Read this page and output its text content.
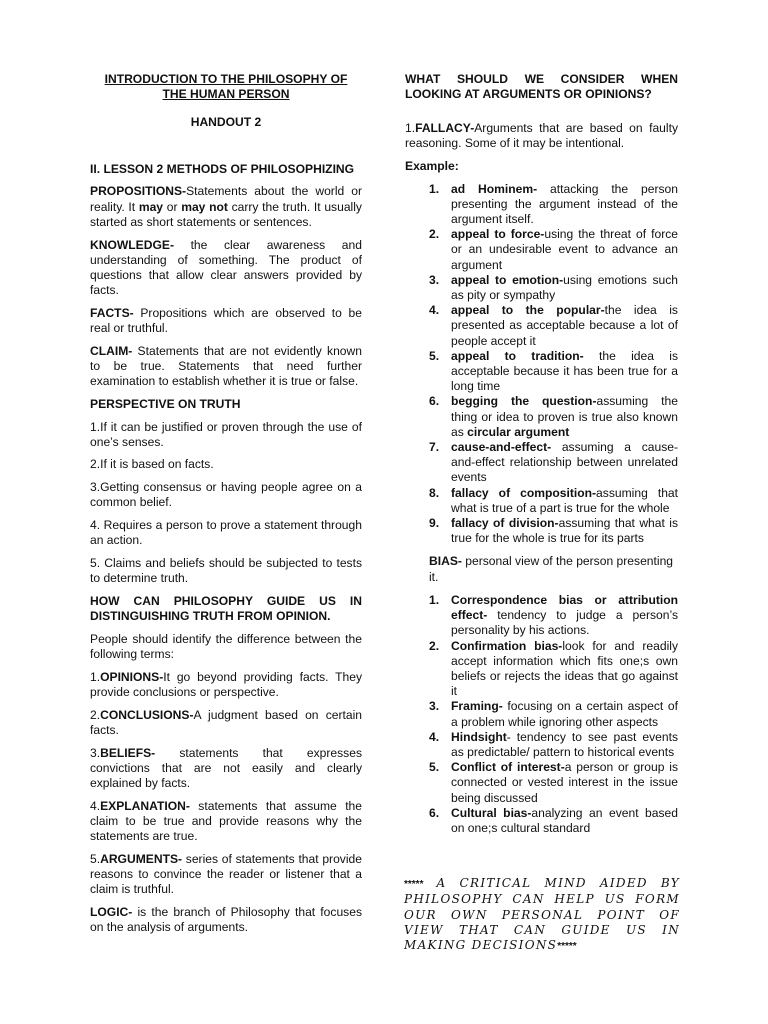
INTRODUCTION TO THE PHILOSOPHY OF
THE HUMAN PERSON
HANDOUT 2

II. LESSON 2 METHODS OF PHILOSOPHIZING

PROPOSITIONS-Statements about the world or reality. It may or may not carry the truth. It usually started as short statements or sentences.

KNOWLEDGE- the clear awareness and understanding of something. The product of questions that allow clear answers provided by facts.

FACTS- Propositions which are observed to be real or truthful.

CLAIM- Statements that are not evidently known to be true. Statements that need further examination to establish whether it is true or false.

PERSPECTIVE ON TRUTH

1.If it can be justified or proven through the use of one’s senses.

2.If it is based on facts.

3.Getting consensus or having people agree on a common belief.

4. Requires a person to prove a statement through an action.

5. Claims and beliefs should be subjected to tests to determine truth.

HOW CAN PHILOSOPHY GUIDE US IN DISTINGUISHING TRUTH FROM OPINION.

People should identify the difference between the following terms:

1.OPINIONS-It go beyond providing facts. They provide conclusions or perspective.

2.CONCLUSIONS-A judgment based on certain facts.

3.BELIEFS- statements that expresses convictions that are not easily and clearly explained by facts.

4.EXPLANATION- statements that assume the claim to be true and provide reasons why the statements are true.

5.ARGUMENTS- series of statements that provide reasons to convince the reader or listener that a claim is truthful.

LOGIC- is the branch of Philosophy that focuses on the analysis of arguments.

WHAT SHOULD WE CONSIDER WHEN LOOKING AT ARGUMENTS OR OPINIONS?

1.FALLACY-Arguments that are based on faulty reasoning. Some of it may be intentional.

Example:

1. ad Hominem- attacking the person presenting the argument instead of the argument itself.
2. appeal to force-using the threat of force or an undesirable event to advance an argument
3. appeal to emotion-using emotions such as pity or sympathy
4. appeal to the popular-the idea is presented as acceptable because a lot of people accept it
5. appeal to tradition- the idea is acceptable because it has been true for a long time
6. begging the question-assuming the thing or idea to proven is true also known as circular argument
7. cause-and-effect- assuming a cause-and-effect relationship between unrelated events
8. fallacy of composition-assuming that what is true of a part is true for the whole
9. fallacy of division-assuming that what is true for the whole is true for its parts

BIAS- personal view of the person presenting it.

1. Correspondence bias or attribution effect- tendency to judge a person’s personality by his actions.
2. Confirmation bias-look for and readily accept information which fits one;s own beliefs or rejects the ideas that go against it
3. Framing- focusing on a certain aspect of a problem while ignoring other aspects
4. Hindsight- tendency to see past events as predictable/ pattern to historical events
5. Conflict of interest-a person or group is connected or vested interest in the issue being discussed
6. Cultural bias-analyzing an event based on one;s cultural standard

***** A CRITICAL MIND AIDED BY PHILOSOPHY CAN HELP US FORM OUR OWN PERSONAL POINT OF VIEW THAT CAN GUIDE US IN MAKING DECISIONS*****
